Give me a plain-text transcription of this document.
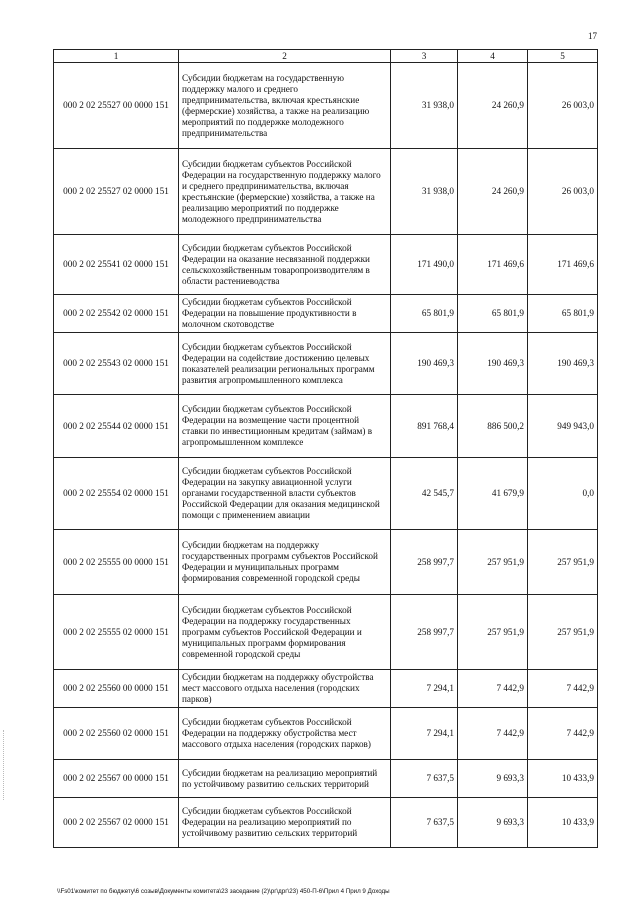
17
1	2	3	4	5
000 2 02 25527 00 0000 151	Субсидии бюджетам на государственную поддержку малого и среднего предпринимательства, включая крестьянские (фермерские) хозяйства, а также на реализацию мероприятий по поддержке молодежного предпринимательства	31 938,0	24 260,9	26 003,0
000 2 02 25527 02 0000 151	Субсидии бюджетам субъектов Российской Федерации на государственную поддержку малого и среднего предпринимательства, включая крестьянские (фермерские) хозяйства, а также на реализацию мероприятий по поддержке молодежного предпринимательства	31 938,0	24 260,9	26 003,0
000 2 02 25541 02 0000 151	Субсидии бюджетам субъектов Российской Федерации на оказание несвязанной поддержки сельскохозяйственным товаропроизводителям в области растениеводства	171 490,0	171 469,6	171 469,6
000 2 02 25542 02 0000 151	Субсидии бюджетам субъектов Российской Федерации на повышение продуктивности в молочном скотоводстве	65 801,9	65 801,9	65 801,9
000 2 02 25543 02 0000 151	Субсидии бюджетам субъектов Российской Федерации на содействие достижению целевых показателей реализации региональных программ развития агропромышленного комплекса	190 469,3	190 469,3	190 469,3
000 2 02 25544 02 0000 151	Субсидии бюджетам субъектов Российской Федерации на возмещение части процентной ставки по инвестиционным кредитам (займам) в агропромышленном комплексе	891 768,4	886 500,2	949 943,0
000 2 02 25554 02 0000 151	Субсидии бюджетам субъектов Российской Федерации на закупку авиационной услуги органами государственной власти субъектов Российской Федерации для оказания медицинской помощи с применением авиации	42 545,7	41 679,9	0,0
000 2 02 25555 00 0000 151	Субсидии бюджетам на поддержку государственных программ субъектов Российской Федерации и муниципальных программ формирования современной городской среды	258 997,7	257 951,9	257 951,9
000 2 02 25555 02 0000 151	Субсидии бюджетам субъектов Российской Федерации на поддержку государственных программ субъектов Российской Федерации и муниципальных программ формирования современной городской среды	258 997,7	257 951,9	257 951,9
000 2 02 25560 00 0000 151	Субсидии бюджетам на поддержку обустройства мест массового отдыха населения (городских парков)	7 294,1	7 442,9	7 442,9
000 2 02 25560 02 0000 151	Субсидии бюджетам субъектов Российской Федерации на поддержку обустройства мест массового отдыха населения (городских парков)	7 294,1	7 442,9	7 442,9
000 2 02 25567 00 0000 151	Субсидии бюджетам на реализацию мероприятий по устойчивому развитию сельских территорий	7 637,5	9 693,3	10 433,9
000 2 02 25567 02 0000 151	Субсидии бюджетам субъектов Российской Федерации на реализацию мероприятий по устойчивому развитию сельских территорий	7 637,5	9 693,3	10 433,9
\\Fs01\комитет по бюджету\6 созыв\Документы комитета\23 заседание (2)\рг\дрг\23) 450-П-6\Прил 4 Прил 9 Доходы
